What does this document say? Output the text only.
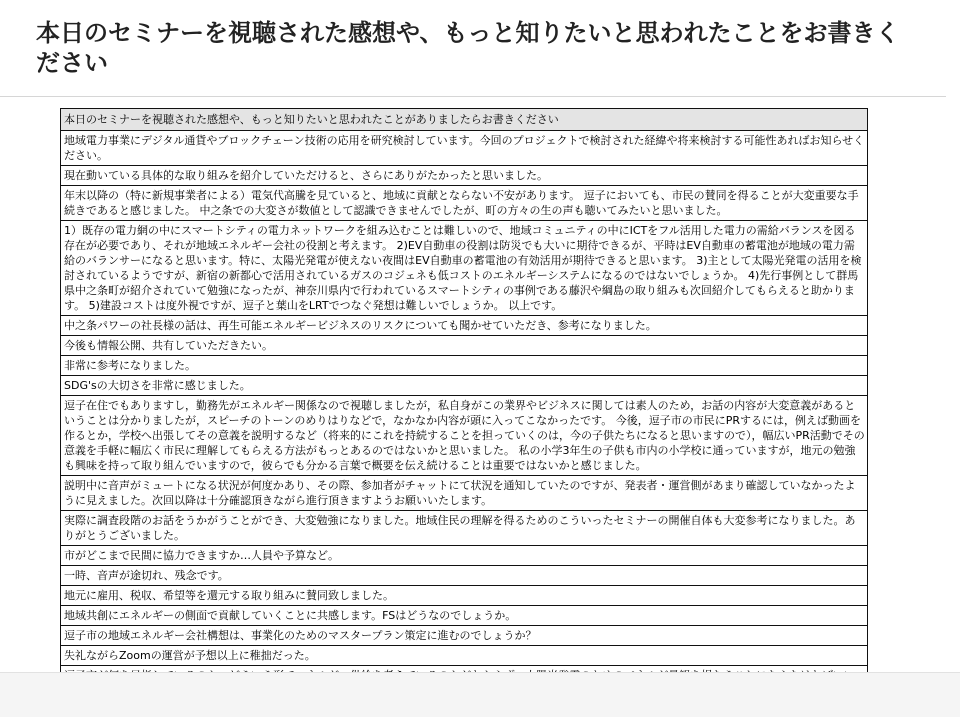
本日のセミナーを視聴された感想や、もっと知りたいと思われたことをお書きください
本日のセミナーを視聴された感想や、もっと知りたいと思われたことがありましたらお書きください
地域電力事業にデジタル通貨やブロックチェーン技術の応用を研究検討しています。今回のプロジェクトで検討された経緯や将来検討する可能性あればお知らせください。
現在動いている具体的な取り組みを紹介していただけると、さらにありがたかったと思いました。
年末以降の（特に新規事業者による）電気代高騰を見ていると、地域に貢献とならない不安があります。 逗子においても、市民の賛同を得ることが大変重要な手続きであると感じました。 中之条での大変さが数値として認識できませんでしたが、町の方々の生の声も聴いてみたいと思いました。
1）既存の電力網の中にスマートシティの電力ネットワークを組み込むことは難しいので、地域コミュニティの中にICTをフル活用した電力の需給バランスを図る存在が必要であり、それが地域エネルギー会社の役割と考えます。 2)EV自動車の役割は防災でも大いに期待できるが、平時はEV自動車の蓄電池が地域の電力需給のバランサーになると思います。特に、太陽光発電が使えない夜間はEV自動車の蓄電池の有効活用が期待できると思います。 3)主として太陽光発電の活用を検討されているようですが、新宿の新都心で活用されているガスのコジェネも低コストのエネルギーシステムになるのではないでしょうか。 4)先行事例として群馬県中之条町が紹介されていて勉強になったが、神奈川県内で行われているスマートシティの事例である藤沢や綱島の取り組みも次回紹介してもらえると助かります。 5)建設コストは度外視ですが、逗子と葉山をLRTでつなぐ発想は難しいでしょうか。 以上です。
中之条パワーの社長様の話は、再生可能エネルギービジネスのリスクについても聞かせていただき、参考になりました。
今後も情報公開、共有していただきたい。
非常に参考になりました。
SDG'sの大切さを非常に感じました。
逗子在住でもありますし，勤務先がエネルギー関係なので視聴しましたが，私自身がこの業界やビジネスに関しては素人のため，お話の内容が大変意義があるということは分かりましたが，スピーチのトーンのめりはりなどで，なかなか内容が頭に入ってこなかったです。 今後，逗子市の市民にPRするには，例えば動画を作るとか，学校へ出張してその意義を説明するなど（将来的にこれを持続することを担っていくのは，今の子供たちになると思いますので），幅広いPR活動でその意義を手軽に幅広く市民に理解してもらえる方法がもっとあるのではないかと思いました。 私の小学3年生の子供も市内の小学校に通っていますが，地元の勉強も興味を持って取り組んでいますので，彼らでも分かる言葉で概要を伝え続けることは重要ではないかと感じました。
説明中に音声がミュートになる状況が何度かあり、その際、参加者がチャットにて状況を通知していたのですが、発表者・運営側があまり確認していなかったように見えました。次回以降は十分確認頂きながら進行頂きますようお願いいたします。
実際に調査段階のお話をうかがうことができ、大変勉強になりました。地域住民の理解を得るためのこういったセミナーの開催自体も大変参考になりました。ありがとうございました。
市がどこまで民間に協力できますか…人員や予算など。
一時、音声が途切れ、残念です。
地元に雇用、税収、希望等を還元する取り組みに賛同致しました。
地域共創にエネルギーの側面で貢献していくことに共感します。FSはどうなのでしょうか。
逗子市の地域エネルギー会社構想は、事業化のためのマスタープラン策定に進むのでしょうか？
失礼ながらZoomの運営が予想以上に稚拙だった。
